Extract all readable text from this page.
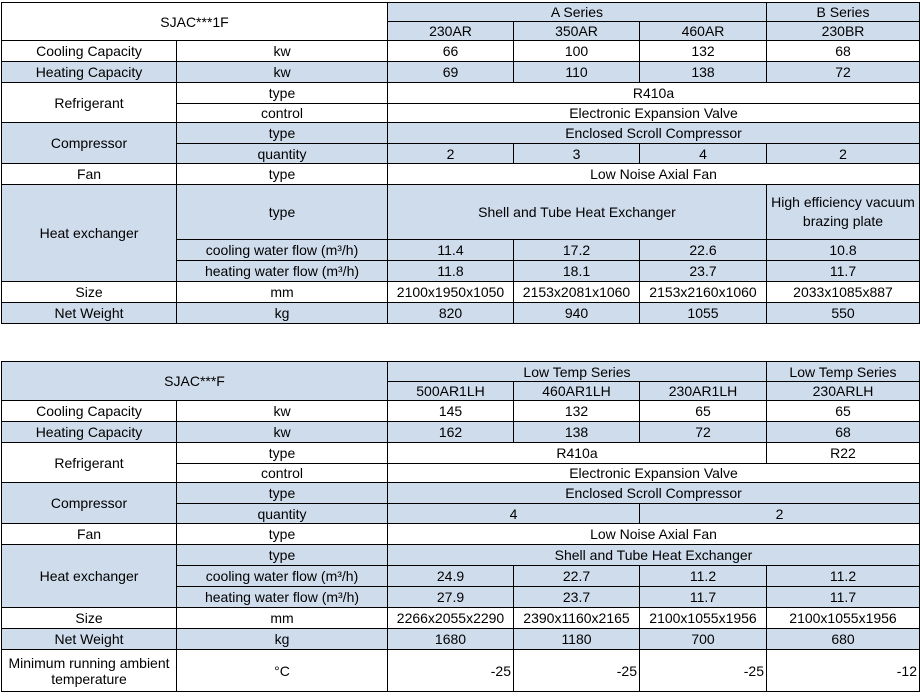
SJAC***1F		A Series			B Series
		230AR	350AR	460AR	230BR
Cooling Capacity	kw	66	100	132	68
Heating Capacity	kw	69	110	138	72
Refrigerant	type	R410a			
	control	Electronic Expansion Valve			
Compressor	type	Enclosed Scroll Compressor			
	quantity	2	3	4	2
Fan	type	Low Noise Axial Fan			
Heat exchanger	type	Shell and Tube Heat Exchanger			High efficiency vacuum brazing plate
	cooling water flow (m³/h)	11.4	17.2	22.6	10.8
	heating water flow (m³/h)	11.8	18.1	23.7	11.7
Size	mm	2100x1950x1050	2153x2081x1060	2153x2160x1060	2033x1085x887
Net Weight	kg	820	940	1055	550
SJAC***F		Low Temp Series			Low Temp Series
		500AR1LH	460AR1LH	230AR1LH	230ARLH
Cooling Capacity	kw	145	132	65	65
Heating Capacity	kw	162	138	72	68
Refrigerant	type	R410a			R22
	control	Electronic Expansion Valve			
Compressor	type	Enclosed Scroll Compressor			
	quantity	4		2	
Fan	type	Low Noise Axial Fan			
Heat exchanger	type	Shell and Tube Heat Exchanger			
	cooling water flow (m³/h)	24.9	22.7	11.2	11.2
	heating water flow (m³/h)	27.9	23.7	11.7	11.7
Size	mm	2266x2055x2290	2390x1160x2165	2100x1055x1956	2100x1055x1956
Net Weight	kg	1680	1180	700	680
Minimum running ambient temperature	°C	-25	-25	-25	-12
